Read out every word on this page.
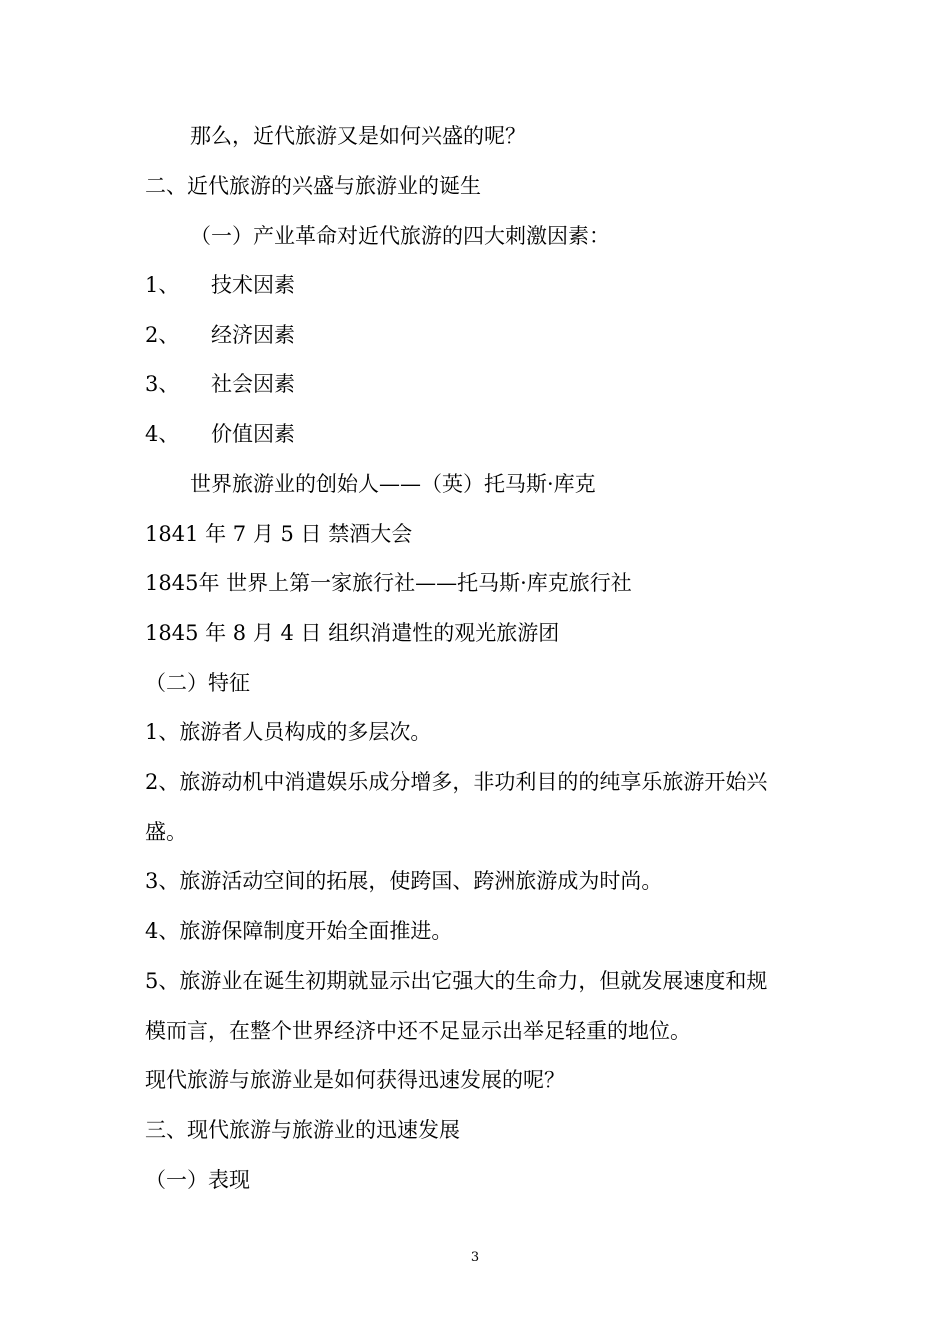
那么，近代旅游又是如何兴盛的呢？
二、近代旅游的兴盛与旅游业的诞生
（一）产业革命对近代旅游的四大刺激因素：
1、 技术因素
2、 经济因素
3、 社会因素
4、 价值因素
世界旅游业的创始人——（英）托马斯·库克
1841 年 7 月 5 日 禁酒大会
1845年 世界上第一家旅行社——托马斯·库克旅行社
1845 年 8 月 4 日 组织消遣性的观光旅游团
（二）特征
1、旅游者人员构成的多层次。
2、旅游动机中消遣娱乐成分增多，非功利目的的纯享乐旅游开始兴
盛。
3、旅游活动空间的拓展，使跨国、跨洲旅游成为时尚。
4、旅游保障制度开始全面推进。
5、旅游业在诞生初期就显示出它强大的生命力，但就发展速度和规
模而言，在整个世界经济中还不足显示出举足轻重的地位。
现代旅游与旅游业是如何获得迅速发展的呢？
三、现代旅游与旅游业的迅速发展
（一）表现
3
